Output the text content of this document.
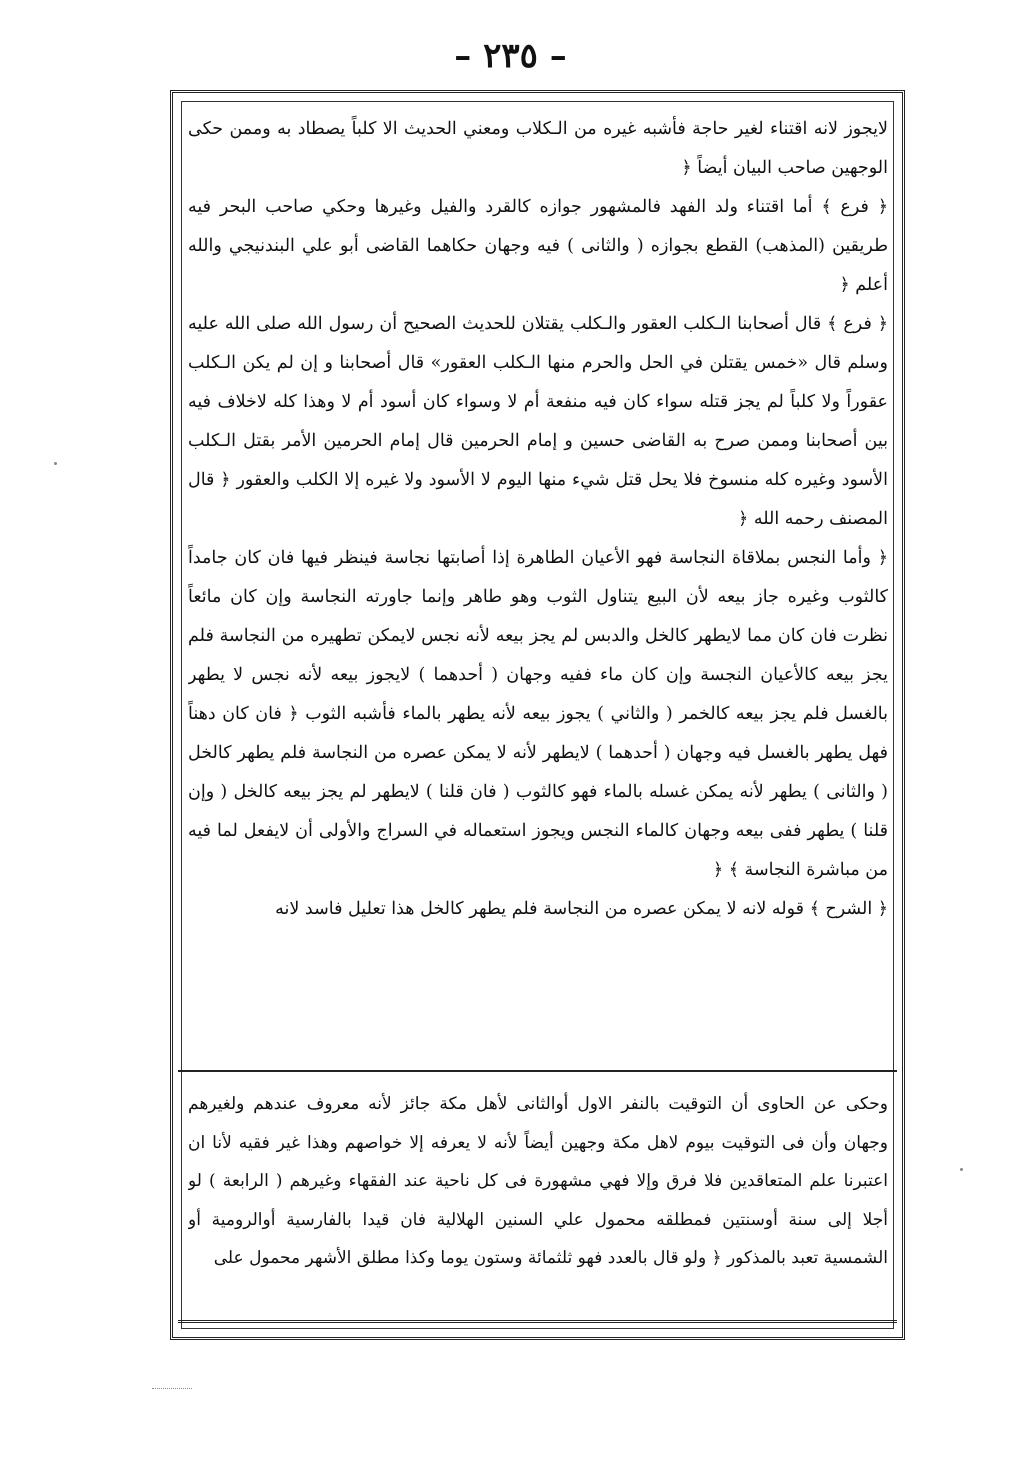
– ٢٣٥ –

لايجوز لانه اقتناء لغير حاجة فأشبه غيره من الـكلاب ومعني الحديث الا كلباً يصطاد به وممن حكى الوجهين صاحب البيان أيضاً ﴿

﴿ فرع ﴾ أما اقتناء ولد الفهد فالمشهور جوازه كالقرد والفيل وغيرها وحكي صاحب البحر فيه طريقين (المذهب) القطع بجوازه ( والثانى ) فيه وجهان حكاهما القاضى أبو علي البندنيجي والله أعلم ﴿

﴿ فرع ﴾ قال أصحابنا الـكلب العقور والـكلب يقتلان للحديث الصحيح أن رسول الله صلى الله عليه وسلم قال «خمس يقتلن في الحل والحرم منها الـكلب العقور» قال أصحابنا و إن لم يكن الـكلب عقوراً ولا كلباً لم يجز قتله سواء كان فيه منفعة أم لا وسواء كان أسود أم لا وهذا كله لاخلاف فيه بين أصحابنا وممن صرح به القاضى حسين و إمام الحرمين قال إمام الحرمين الأمر بقتل الـكلب الأسود وغيره كله منسوخ فلا يحل قتل شيء منها اليوم لا الأسود ولا غيره إلا الكلب والعقور ﴿ قال المصنف رحمه الله ﴿

﴿ وأما النجس بملاقاة النجاسة فهو الأعيان الطاهرة إذا أصابتها نجاسة فينظر فيها فان كان جامداً كالثوب وغيره جاز بيعه لأن البيع يتناول الثوب وهو طاهر وإنما جاورته النجاسة وإن كان مائعاً نظرت فان كان مما لايطهر كالخل والدبس لم يجز بيعه لأنه نجس لايمكن تطهيره من النجاسة فلم يجز بيعه كالأعيان النجسة وإن كان ماء ففيه وجهان ( أحدهما ) لايجوز بيعه لأنه نجس لا يطهر بالغسل فلم يجز بيعه كالخمر ( والثاني ) يجوز بيعه لأنه يطهر بالماء فأشبه الثوب ﴿ فان كان دهناً فهل يطهر بالغسل فيه وجهان ( أحدهما ) لايطهر لأنه لا يمكن عصره من النجاسة فلم يطهر كالخل ( والثانى ) يطهر لأنه يمكن غسله بالماء فهو كالثوب ( فان قلنا ) لايطهر لم يجز بيعه كالخل ( وإن قلنا ) يطهر ففى بيعه وجهان كالماء النجس ويجوز استعماله في السراج والأولى أن لايفعل لما فيه من مباشرة النجاسة ﴾ ﴿

﴿ الشرح ﴾ قوله لانه لا يمكن عصره من النجاسة فلم يطهر كالخل هذا تعليل فاسد لانه

وحكى عن الحاوى أن التوقيت بالنفر الاول أوالثانى لأهل مكة جائز لأنه معروف عندهم ولغيرهم وجهان وأن فى التوقيت بيوم لاهل مكة وجهين أيضاً لأنه لا يعرفه إلا خواصهم وهذا غير فقيه لأنا ان اعتبرنا علم المتعاقدين فلا فرق وإلا فهي مشهورة فى كل ناحية عند الفقهاء وغيرهم ( الرابعة ) لو أجلا إلى سنة أوسنتين فمطلقه محمول علي السنين الهلالية فان قيدا بالفارسية أوالرومية أو الشمسية تعبد بالمذكور ﴿ ولو قال بالعدد فهو ثلثمائة وستون يوما وكذا مطلق الأشهر محمول على
